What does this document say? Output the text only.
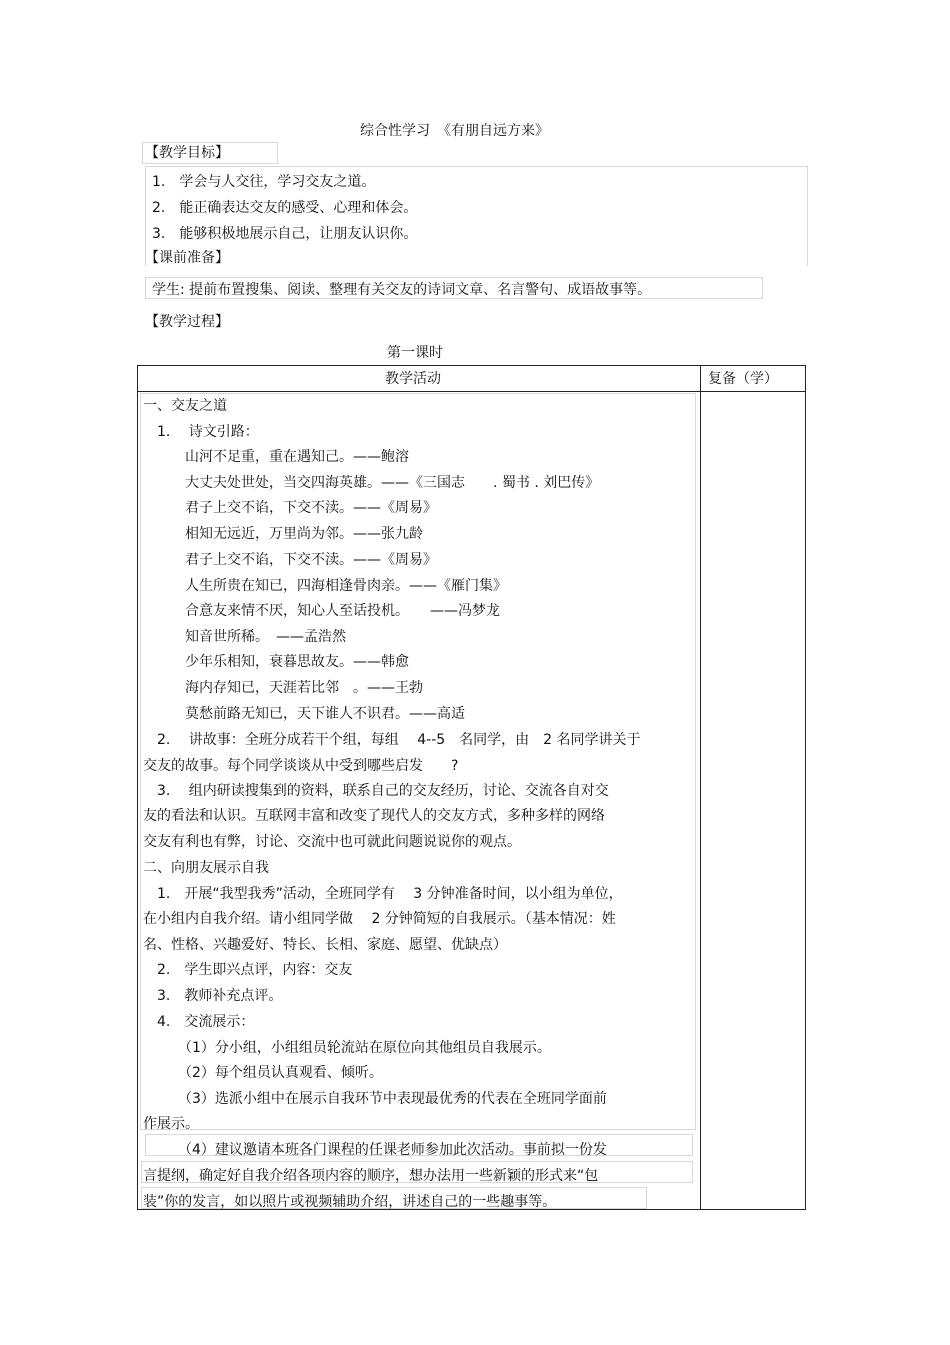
综合性学习　《有朋自远方来》
【教学目标】
1.　学会与人交往，学习交友之道。
2.　能正确表达交友的感受、心理和体会。
3.　能够积极地展示自己，让朋友认识你。
【课前准备】
学生: 提前布置搜集、阅读、整理有关交友的诗词文章、名言警句、成语故事等。
【教学过程】
第一课时
教学活动	复备（学）
一、交友之道
　1.　 诗文引路：
　　　山河不足重，重在遇知己。——鲍溶
　　　大丈夫处世处，当交四海英雄。——《三国志　　. 蜀书 . 刘巴传》
　　　君子上交不谄，下交不渎。——《周易》
　　　相知无远近，万里尚为邻。——张九龄
　　　君子上交不谄，下交不渎。——《周易》
　　　人生所贵在知已，四海相逢骨肉亲。——《雁门集》
　　　合意友来情不厌，知心人至话投机。　　——冯梦龙
　　　知音世所稀。　——孟浩然
　　　少年乐相知，衰暮思故友。——韩愈
　　　海内存知已，天涯若比邻　。——王勃
　　　莫愁前路无知已，天下谁人不识君。——高适
　2.　 讲故事：全班分成若干个组，每组　 4--5　名同学，由　2 名同学讲关于
交友的故事。每个同学谈谈从中受到哪些启发　　?
　3.　 组内研读搜集到的资料，联系自己的交友经历，讨论、交流各自对交
友的看法和认识。互联网丰富和改变了现代人的交友方式，多种多样的网络
交友有利也有弊，讨论、交流中也可就此问题说说你的观点。
二、向朋友展示自我
　1.　开展“我型我秀”活动，全班同学有　 3 分钟准备时间，以小组为单位，
在小组内自我介绍。请小组同学做　 2 分钟简短的自我展示。（基本情况：姓
名、性格、兴趣爱好、特长、长相、家庭、愿望、优缺点）
　2.　学生即兴点评，内容：交友
　3.　教师补充点评。
　4.　交流展示：
　　　（1）分小组，小组组员轮流站在原位向其他组员自我展示。
　　　（2）每个组员认真观看、倾听。
　　　（3）选派小组中在展示自我环节中表现最优秀的代表在全班同学面前
作展示。
　　　（4）建议邀请本班各门课程的任课老师参加此次活动。事前拟一份发
言提纲，确定好自我介绍各项内容的顺序，想办法用一些新颖的形式来“包
装”你的发言，如以照片或视频辅助介绍，讲述自己的一些趣事等。
